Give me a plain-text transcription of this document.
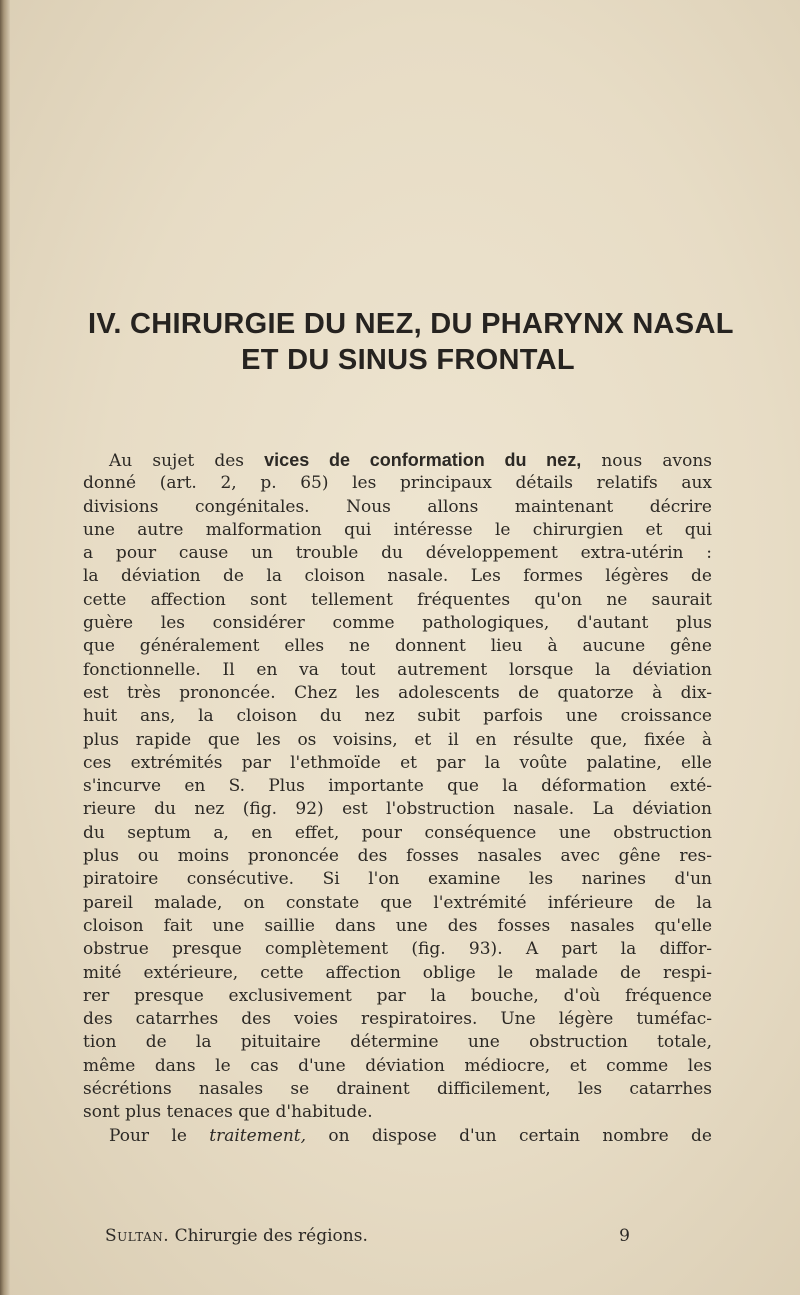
IV. CHIRURGIE DU NEZ, DU PHARYNX NASAL
ET DU SINUS FRONTAL
Au sujet des vices de conformation du nez, nous avons
donné (art. 2, p. 65) les principaux détails relatifs aux
divisions congénitales. Nous allons maintenant décrire
une autre malformation qui intéresse le chirurgien et qui
a pour cause un trouble du développement extra-utérin :
la déviation de la cloison nasale. Les formes légères de
cette affection sont tellement fréquentes qu'on ne saurait
guère les considérer comme pathologiques, d'autant plus
que généralement elles ne donnent lieu à aucune gêne
fonctionnelle. Il en va tout autrement lorsque la déviation
est très prononcée. Chez les adolescents de quatorze à dix-
huit ans, la cloison du nez subit parfois une croissance
plus rapide que les os voisins, et il en résulte que, fixée à
ces extrémités par l'ethmoïde et par la voûte palatine, elle
s'incurve en S. Plus importante que la déformation exté-
rieure du nez (fig. 92) est l'obstruction nasale. La déviation
du septum a, en effet, pour conséquence une obstruction
plus ou moins prononcée des fosses nasales avec gêne res-
piratoire consécutive. Si l'on examine les narines d'un
pareil malade, on constate que l'extrémité inférieure de la
cloison fait une saillie dans une des fosses nasales qu'elle
obstrue presque complètement (fig. 93). A part la diffor-
mité extérieure, cette affection oblige le malade de respi-
rer presque exclusivement par la bouche, d'où fréquence
des catarrhes des voies respiratoires. Une légère tuméfac-
tion de la pituitaire détermine une obstruction totale,
même dans le cas d'une déviation médiocre, et comme les
sécrétions nasales se drainent difficilement, les catarrhes
sont plus tenaces que d'habitude.
Pour le traitement, on dispose d'un certain nombre de
Sultan. Chirurgie des régions.	9
